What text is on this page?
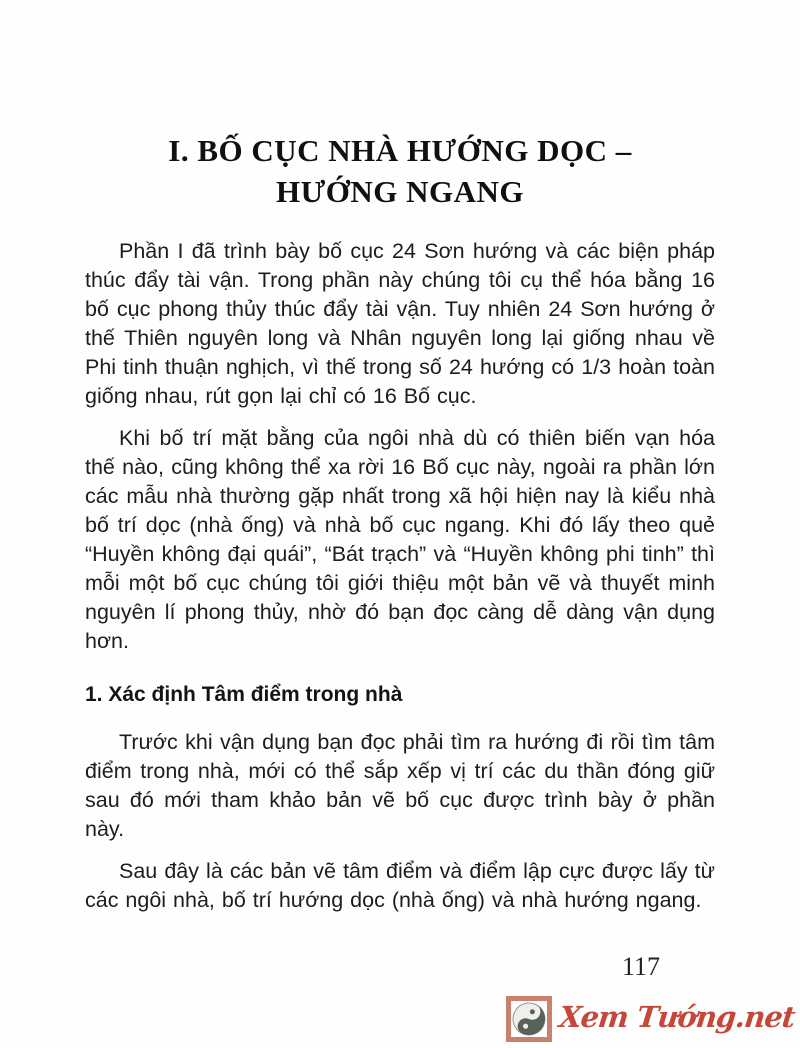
I. BỐ CỤC NHÀ HƯỚNG DỌC –
HƯỚNG NGANG

Phần I đã trình bày bố cục 24 Sơn hướng và các biện pháp thúc đẩy tài vận. Trong phần này chúng tôi cụ thể hóa bằng 16 bố cục phong thủy thúc đẩy tài vận. Tuy nhiên 24 Sơn hướng ở thế Thiên nguyên long và Nhân nguyên long lại giống nhau về Phi tinh thuận nghịch, vì thế trong số 24 hướng có 1/3 hoàn toàn giống nhau, rút gọn lại chỉ có 16 Bố cục.

Khi bố trí mặt bằng của ngôi nhà dù có thiên biến vạn hóa thế nào, cũng không thể xa rời 16 Bố cục này, ngoài ra phần lớn các mẫu nhà thường gặp nhất trong xã hội hiện nay là kiểu nhà bố trí dọc (nhà ống) và nhà bố cục ngang. Khi đó lấy theo quẻ “Huyền không đại quái”, “Bát trạch” và “Huyền không phi tinh” thì mỗi một bố cục chúng tôi giới thiệu một bản vẽ và thuyết minh nguyên lí phong thủy, nhờ đó bạn đọc càng dễ dàng vận dụng hơn.

1. Xác định Tâm điểm trong nhà

Trước khi vận dụng bạn đọc phải tìm ra hướng đi rồi tìm tâm điểm trong nhà, mới có thể sắp xếp vị trí các du thần đóng giữ sau đó mới tham khảo bản vẽ bố cục được trình bày ở phần này.

Sau đây là các bản vẽ tâm điểm và điểm lập cực được lấy từ các ngôi nhà, bố trí hướng dọc (nhà ống) và nhà hướng ngang.

117
Xem Tướng.net
